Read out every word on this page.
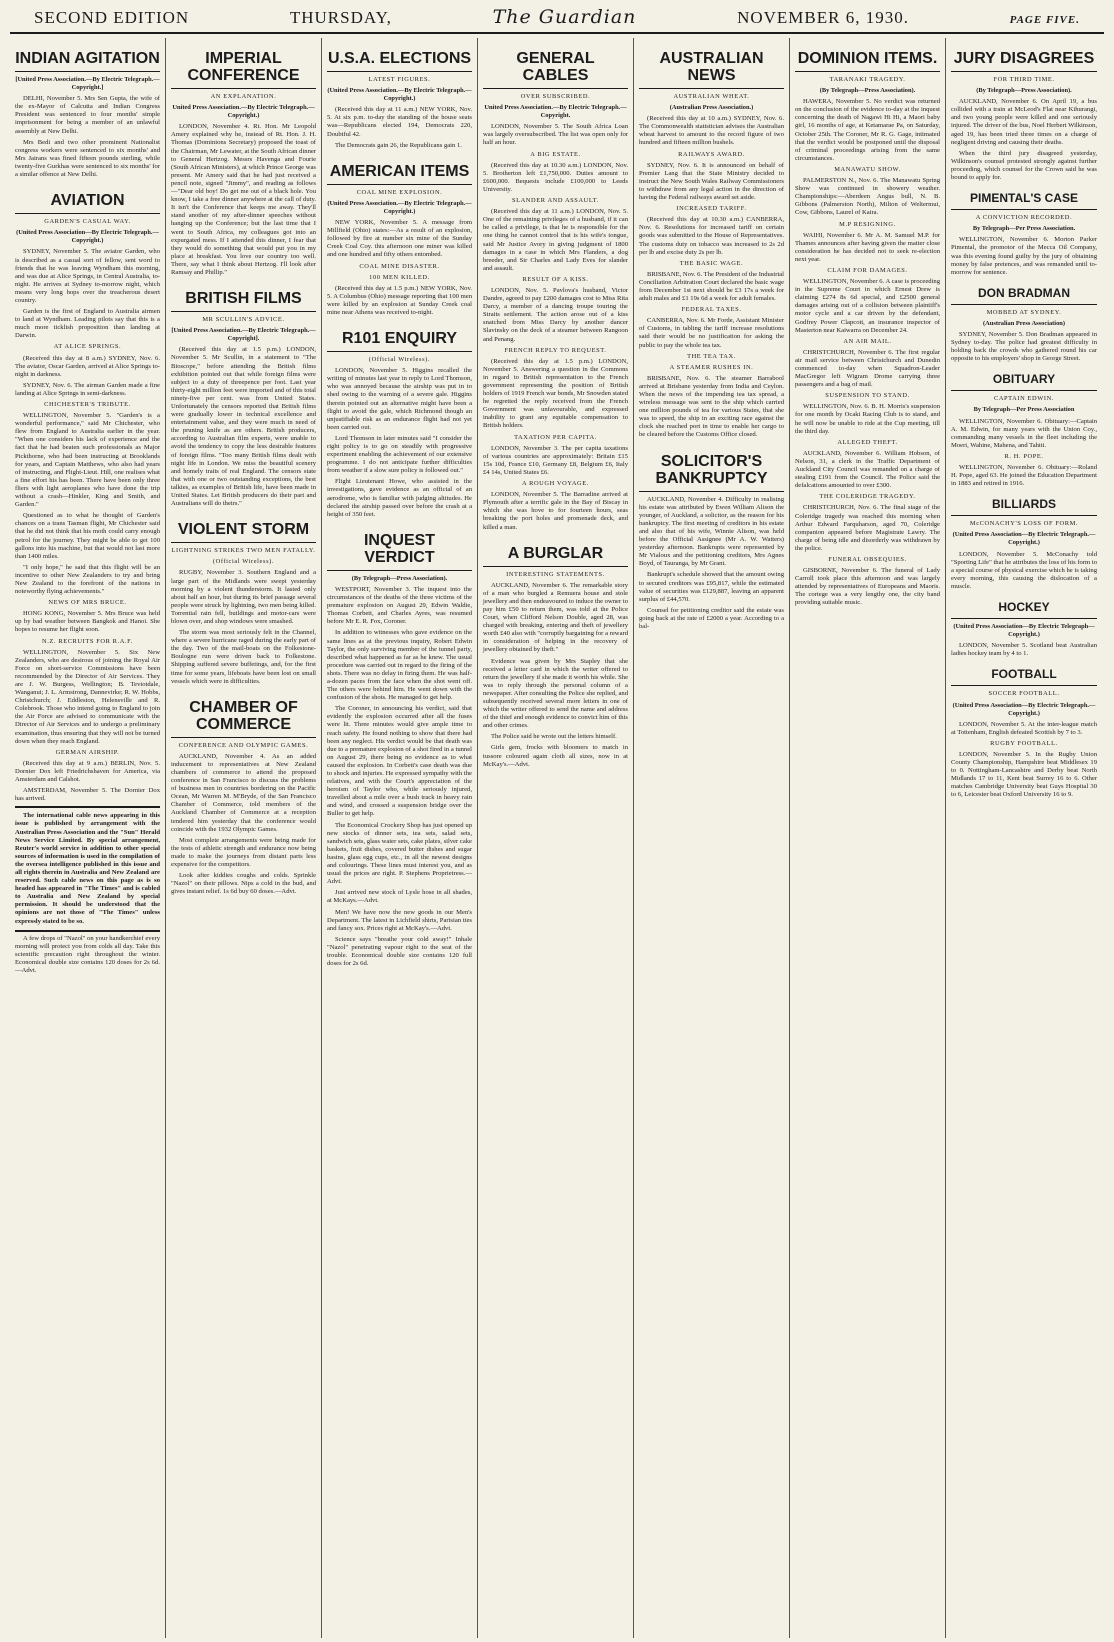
SECOND EDITION	THURSDAY,	The Guardian	NOVEMBER 6, 1930.	PAGE FIVE.
INDIAN AGITATION
[United Press Association.—By Electric Telegraph.—Copyright.]

DELHI, November 5. Mrs Sen Gupta, the wife of the ex-Mayor of Calcutta and Indian Congress President was sentenced to four months' simple imprisonment for being a member of an unlawful assembly at New Delhi.

Mrs Bedi and two other prominent Nationalist congress workers were sentenced to six months' and Mrs Jairans was fined fifteen pounds sterling, while twenty-five Gurkhas were sentenced to six months' for a similar offence at New Delhi.

AVIATION
GARDEN'S CASUAL WAY.
(United Press Association—By Electric Telegraph.—Copyright.)

SYDNEY, November 5. The aviator Garden, who is described as a casual sort of fellow, sent word to friends that he was leaving Wyndham this morning, and was due at Alice Springs, in Central Australia, to-night. He arrives at Sydney to-morrow night, which means very long hops over the treacherous desert country.

Garden is the first of England to Australia airmen to land at Wyndham. Leading pilots say that this is a much more ticklish proposition than landing at Darwin.

AT ALICE SPRINGS.

(Received this day at 8 a.m.) SYDNEY, Nov. 6. The aviator, Oscar Garden, arrived at Alice Springs to-night in darkness.

SYDNEY, Nov. 6. The airman Garden made a fine landing at Alice Springs in semi-darkness.

CHICHESTER'S TRIBUTE.

WELLINGTON, November 5. "Garden's is a wonderful performance," said Mr Chichester, who flew from England to Australia earlier in the year. "When one considers his lack of experience and the fact that he had beaten such professionals as Major Pickthorne, who had been instructing at Brooklands for years, and Captain Matthews, who also had years of instructing, and Flight-Lieut. Hill, one realises what a fine effort his has been. There have been only three fliers with light aeroplanes who have done the trip without a crash—Hinkler, King and Smith, and Garden."

Questioned as to what he thought of Garden's chances on a trans Tasman flight, Mr Chichester said that he did not think that his moth could carry enough petrol for the journey. They might be able to get 100 gallons into his machine, but that would not last more than 1400 miles.

"I only hope," he said that this flight will be an incentive to other New Zealanders to try and bring New Zealand to the forefront of the nations in noteworthy flying achievements."

NEWS OF MRS BRUCE.

HONG KONG, November 5. Mrs Bruce was held up by bad weather between Bangkok and Hanoi. She hopes to resume her flight soon.

N.Z. RECRUITS FOR R.A.F.

WELLINGTON, November 5. Six New Zealanders, who are desirous of joining the Royal Air Force on short-service Commissions have been recommended by the Director of Air Services. They are J. W. Burgess, Wellington; B. Teviotdale, Wanganui; J. L. Armstrong, Dannevirke; R. W. Hobbs, Christchurch; J. Eddleston, Helensville and R. Colebrook. Those who intend going to England to join the Air Force are advised to communicate with the Director of Air Services and to undergo a preliminary examination, thus ensuring that they will not be turned down when they reach England.

GERMAN AIRSHIP.

(Received this day at 9 a.m.) BERLIN, Nov. 5. Dornier Dox left Friedrichshaven for America, via Amsterdam and Calshot.

AMSTERDAM, November 5. The Dornier Dox has arrived.

The international cable news appearing in this issue is published by arrangement with the Australian Press Association and the "Sun" Herald News Service Limited. By special arrangement, Reuter's world service in addition to other special sources of information is used in the compilation of the oversea intelligence published in this issue and all rights therein in Australia and New Zealand are reserved. Such cable news on this page as is so headed has appeared in "The Times" and is cabled to Australia and New Zealand by special permission. It should be understood that the opinions are not those of "The Times" unless expressly stated to be so.

A few drops of "Nazol" on your handkerchief every morning will protect you from colds all day. Take this scientific precaution right throughout the winter. Economical double size contains 120 doses for 2s 6d.—Advt.

IMPERIAL CONFERENCE
AN EXPLANATION.
United Press Association.—By Electric Telegraph.—Copyright.)

LONDON, November 4. Rt. Hon. Mr Leopold Amery explained why he, instead of Rt. Hon. J. H. Thomas (Dominions Secretary) proposed the toast of the Chairman, Mr Lewater, at the South African dinner to General Hertzog. Messrs Havenga and Fourie (South African Ministers), at which Prince George was present. Mr Amery said that he had just received a pencil note, signed "Jimmy", and reading as follows—"Dear old boy! Do get me out of a black hole. You know, I take a free dinner anywhere at the call of duty. It isn't the Conference that keeps me away. They'll stand another of my after-dinner speeches without hanging up the Conference; but the last time that I went to South Africa, my colleagues got into an expurgated mess. If I attended this dinner, I fear that they would do something that would put you in my place at breakfast. You love our country too well. There, say what I think about Hertzog. I'll look after Ramsay and Phillip."

BRITISH FILMS
MR SCULLIN'S ADVICE.
[United Press Association.—By Electric Telegraph.—Copyright].

(Received this day at 1.5 p.m.) LONDON, November 5. Mr Scullin, in a statement to "The Bioscope," before attending the British films exhibition pointed out that while foreign films were subject to a duty of threepence per foot. Last year thirty-eight million feet were imported and of this total ninety-five per cent. was from United States. Unfortunately the censors reported that British films were gradually lower in technical excellence and entertainment value, and they were much in need of the pruning knife as are others. British producers, according to Australian film experts, were unable to avoid the tendency to copy the less desirable features of foreign films. "Too many British films dealt with night life in London. We miss the beautiful scenery and homely traits of real England. The censors state that with one or two outstanding exceptions, the best talkies, as examples of British life, have been made in United States. Let British producers do their part and Australians will do theirs."

VIOLENT STORM
LIGHTNING STRIKES TWO MEN FATALLY.
(Official Wireless).

RUGBY, November 3. Southern England and a large part of the Midlands were swept yesterday morning by a violent thunderstorm. It lasted only about half an hour, but during its brief passage several people were struck by lightning, two men being killed. Torrential rain fell, buildings and motor-cars were blown over, and shop windows were smashed.

The storm was most seriously felt in the Channel, where a severe hurricane raged during the early part of the day. Two of the mail-boats on the Folkestone-Boulogne run were driven back to Folkestone. Shipping suffered severe buffetings, and, for the first time for some years, lifeboats have been lost on small vessels which were in difficulties.

CHAMBER OF COMMERCE
CONFERENCE AND OLYMPIC GAMES.

AUCKLAND, November 4. As an added inducement to representatives at New Zealand chambers of commerce to attend the proposed conference in San Francisco to discuss the problems of business men in countries bordering on the Pacific Ocean, Mr Warren M. M'Bryde, of the San Francisco Chamber of Commerce, told members of the Auckland Chamber of Commerce at a reception tendered him yesterday that the conference would coincide with the 1932 Olympic Games.

Most complete arrangements were being made for the tests of athletic strength and endurance now being made to make the journeys from distant parts less expensive for the competitors.

Look after kiddies coughs and colds. Sprinkle "Nazol" on their pillows. Nips a cold in the bud, and gives instant relief. 1s 6d buy 60 doses.—Advt.

U.S.A. ELECTIONS
LATEST FIGURES.
(United Press Association.—By Electric Telegraph.—Copyright.)

(Received this day at 11 a.m.) NEW YORK, Nov. 5. At six p.m. to-day the standing of the house seats was—Republicans elected 194, Democrats 220, Doubtful 42.

The Democrats gain 26, the Republicans gain 1.

AMERICAN ITEMS
COAL MINE EXPLOSION.
(United Press Association.—By Electric Telegraph.—Copyright.)

NEW YORK, November 5. A message from Millfield (Ohio) states:—As a result of an explosion, followed by fire at number six mine of the Sunday Creek Coal Coy. this afternoon one miner was killed and one hundred and fifty others entombed.

COAL MINE DISASTER.
100 MEN KILLED.

(Received this day at 1.5 p.m.) NEW YORK, Nov. 5. A Columbus (Ohio) message reporting that 100 men were killed by an explosion at Sunday Creek coal mine near Athens was received to-night.

R101 ENQUIRY
(Official Wireless).

LONDON, November 5. Higgins recalled the writing of minutes last year in reply to Lord Thomson, who was annoyed because the airship was put in to shed owing to the warning of a severe gale. Higgins therein pointed out an alternative might have been a flight to avoid the gale, which Richmond though an unjustifiable risk as an endurance flight had not yet been carried out.

Lord Thomson in later minutes said "I consider the right policy is to go on steadily with progressive experiment enabling the achievement of our extensive programme. I do not anticipate further difficulties from weather if a slow sure policy is followed out."

Flight Lieutenant Howe, who assisted in the investigations, gave evidence as an official of an aerodrome, who is familiar with judging altitudes. He declared the airship passed over before the crash at a height of 350 feet.

INQUEST VERDICT
(By Telegraph—Press Association).

WESTPORT, November 3. The inquest into the circumstances of the deaths of the three victims of the premature explosion on August 29, Edwin Waldie, Thomas Corbett, and Charles Ayres, was resumed before Mr E. R. Fox, Coroner.

In addition to witnesses who gave evidence on the same lines as at the previous inquiry, Robert Edwin Taylor, the only surviving member of the tunnel party, described what happened as far as he knew. The usual procedure was carried out in regard to the firing of the shots. There was no delay in firing them. He was half-a-dozen paces from the face when the shot went off. The others were behind him. He went down with the confusion of the shots. He managed to get help.

The Coroner, in announcing his verdict, said that evidently the explosion occurred after all the fuses were lit. Three minutes would give ample time to reach safety. He found nothing to show that there had been any neglect. His verdict would be that death was due to a premature explosion of a shot fired in a tunnel on August 29, there being no evidence as to what caused the explosion. In Corbett's case death was due to shock and injuries. He expressed sympathy with the relatives, and with the Court's appreciation of the heroism of Taylor who, while seriously injured, travelled about a mile over a bush track in heavy rain and wind, and crossed a suspension bridge over the Buller to get help.

The Economical Crockery Shop has just opened up new stocks of dinner sets, tea sets, salad sets, sandwich sets, glass water sets, cake plates, silver cake baskets, fruit dishes, covered butter dishes and sugar basins, glass egg cups, etc., in all the newest designs and colourings. These lines must interest you, and as usual the prices are right. P. Stephens Proprietress.—Advt.

Just arrived new stock of Lysle hose in all shades, at McKays.—Advt.

Men! We have now the new goods in our Men's Department. The latest in Lichfield shirts, Parisian ties and fancy sox. Prices right at McKay's.—Advt.

Science says "breathe your cold away!" Inhale "Nazol" penetrating vapour right to the seat of the trouble. Economical double size contains 120 full doses for 2s 6d.

GENERAL CABLES
OVER SUBSCRIBED.
United Press Association.—By Electric Telegraph.—Copyright.

LONDON, November 5. The South Africa Loan was largely oversubscribed. The list was open only for half an hour.

A BIG ESTATE.

(Received this day at 10.30 a.m.) LONDON, Nov. 5. Brotherton left £1,750,000. Duties amount to £600,000. Bequests include £100,000 to Leeds University.

SLANDER AND ASSAULT.

(Received this day at 11 a.m.) LONDON, Nov. 5. One of the remaining privileges of a husband, if it can be called a privilege, is that he is responsible for the one thing he cannot control that is his wife's tongue, said Mr Justice Avory in giving judgment of 1800 damages in a case in which Mrs Flanders, a dog breeder, and Sir Charles and Lady Eves for slander and assault.

RESULT OF A KISS.

LONDON, Nov. 5. Pavlova's husband, Victor Dandre, agreed to pay £200 damages cost to Miss Rita Darcy, a member of a dancing troupe touring the Straits settlement. The action arose out of a kiss snatched from Miss Darcy by another dancer Slavinsky on the deck of a steamer between Rangoon and Penang.

FRENCH REPLY TO REQUEST.

(Received this day at 1.5 p.m.) LONDON, November 5. Answering a question in the Commons in regard to British representation to the French government representing the position of British holders of 1919 French war bonds, Mr Snowden stated he regretted the reply received from the French Government was unfavourable, and expressed inability to grant any equitable compensation to British holders.

TAXATION PER CAPITA.

LONDON, November 3. The per capita taxations of various countries are approximately: Britain £15 15s 10d, France £10, Germany £8, Belgium £6, Italy £4 14s, United States £6.

A ROUGH VOYAGE.

LONDON, November 5. The Barradine arrived at Plymouth after a terrific gale in the Bay of Biscay in which she was hove to for fourteen hours, seas breaking the port holes and promenade deck, and killed a man.

A BURGLAR
INTERESTING STATEMENTS.

AUCKLAND, November 6. The remarkable story of a man who burgled a Remuera house and stole jewellery and then endeavoured to induce the owner to pay him £50 to return them, was told at the Police Court, when Clifford Nelson Double, aged 28, was charged with breaking, entering and theft of jewellery worth £40 also with "corruptly bargaining for a reward in consideration of helping in the recovery of jewellery obtained by theft."

Evidence was given by Mrs Stapley that she received a letter card in which the writer offered to return the jewellery if she made it worth his while. She was to reply through the personal column of a newspaper. After consulting the Police she replied, and subsequently received several more letters in one of which the writer offered to send the name and address of the thief and enough evidence to convict him of this and other crimes.

The Police said he wrote out the letters himself.

Girls gem, frocks with bloomers to match in tussore coloured again cloth all sizes, now in at McKay's.—Advt.

AUSTRALIAN NEWS
AUSTRALIAN WHEAT.
(Australian Press Association.)

(Received this day at 10 a.m.) SYDNEY, Nov. 6. The Commonwealth statistician advises the Australian wheat harvest to amount to the record figure of two hundred and fifteen million bushels.

RAILWAYS AWARD.

SYDNEY, Nov. 6. It is announced on behalf of Premier Lang that the State Ministry decided to instruct the New South Wales Railway Commissioners to withdraw from any legal action in the direction of having the Federal railways award set aside.

INCREASED TARIFF.

(Received this day at 10.30 a.m.) CANBERRA, Nov. 6. Resolutions for increased tariff on certain goods was submitted to the House of Representatives. The customs duty on tobacco was increased to 2s 2d per lb and excise duty 2s per lb.

THE BASIC WAGE.

BRISBANE, Nov. 6. The President of the Industrial Conciliation Arbitration Court declared the basic wage from December 1st next should be £3 17s a week for adult males and £1 19s 6d a week for adult females.

FEDERAL TAXES.

CANBERRA, Nov. 6. Mr Forde, Assistant Minister of Customs, in tabling the tariff increase resolutions said their would be no justification for asking the public to pay the whole tea tax.

THE TEA TAX.
A STEAMER RUSHES IN.

BRISBANE, Nov. 6. The steamer Barrabool arrived at Brisbane yesterday from India and Ceylon. When the news of the impending tea tax spread, a wireless message was sent to the ship which carried one million pounds of tea for various States, that she was to speed, the ship in an exciting race against the clock she reached port in time to enable her cargo to be cleared before the Customs Office closed.

SOLICITOR'S BANKRUPTCY

AUCKLAND, November 4. Difficulty in realising his estate was attributed by Ewen William Alison the younger, of Auckland, a solicitor, as the reason for his bankruptcy. The first meeting of creditors in his estate and also that of his wife, Winnie Alison, was held before the Official Assignee (Mr A. W. Watters) yesterday afternoon. Bankrupts were represented by Mr Vialoux and the petitioning creditors, Mrs Agnes Boyd, of Tauranga, by Mr Grant.

Bankrupt's schedule showed that the amount owing to secured creditors was £95,817, while the estimated value of securities was £129,887, leaving an apparent surplus of £44,570.

Counsel for petitioning creditor said the estate was going back at the rate of £2000 a year. According to a bal-

DOMINION ITEMS.
TARANAKI TRAGEDY.
(By Telegraph—Press Association).

HAWERA, November 5. No verdict was returned on the conclusion of the evidence to-day at the inquest concerning the death of Nagawi Hi Hi, a Maori baby girl, 16 months of age, at Ketamarae Pa, on Saturday, October 25th. The Coroner, Mr R. G. Gage, intimated that the verdict would be postponed until the disposal of criminal proceedings arising from the same circumstances.

MANAWATU SHOW.

PALMERSTON N., Nov. 6. The Manawatu Spring Show was continued in showery weather. Championships:—Aberdeen Angus bull, N. B. Gibbons (Palmerston North), Milton of Weltermui, Cow, Gibbons, Laurel of Kaira.

M.P RESIGNING.

WAIHI, November 6. Mr A. M. Samuel M.P. for Thames announces after having given the matter close consideration he has decided not to seek re-election next year.

CLAIM FOR DAMAGES.

WELLINGTON, November 6. A case is proceeding in the Supreme Court in which Ernest Drew is claiming £274 8s 6d special, and £2500 general damages arising out of a collision between plaintiff's motor cycle and a car driven by the defendant, Godfrey Power Clapcott, an insurance inspector of Masterton near Kaiwarra on December 24.

AN AIR MAIL.

CHRISTCHURCH, November 6. The first regular air mail service between Christchurch and Dunedin commenced to-day when Squadron-Leader MacGregor left Wigram Drome carrying three passengers and a bag of mail.

SUSPENSION TO STAND.

WELLINGTON, Nov. 6. B. H. Morris's suspension for one month by Ocaki Racing Club is to stand, and he will now be unable to ride at the Cup meeting, till the third day.

ALLEGED THEFT.

AUCKLAND, November 6. William Hobson, of Nelson, 31, a clerk in the Traffic Department of Auckland City Council was remanded on a charge of stealing £191 from the Council. The Police said the defalcations amounted to over £300.

THE COLERIDGE TRAGEDY.

CHRISTCHURCH, Nov. 6. The final stage of the Coleridge tragedy was reached this morning when Arthur Edward Farquharson, aged 70, Coleridge companion appeared before Magistrate Lawry. The charge of being idle and disorderly was withdrawn by the police.

FUNERAL OBSEQUIES.

GISBORNE, November 6. The funeral of Lady Carroll took place this afternoon and was largely attended by representatives of Europeans and Maoris. The cortege was a very lengthy one, the city band providing suitable music.

JURY DISAGREES
FOR THIRD TIME.
(By Telegraph—Press Association).

AUCKLAND, November 6. On April 19, a bus collided with a train at McLeod's Flat near Kihurangi, and two young people were killed and one seriously injured. The driver of the bus, Noel Herbert Wilkinson, aged 19, has been tried three times on a charge of negligent driving and causing their deaths.

When the third jury disagreed yesterday, Wilkinson's counsel protested strongly against further proceeding, which counsel for the Crown said he was bound to apply for.

PIMENTAL'S CASE
A CONVICTION RECORDED.
By Telegraph—Per Press Association.

WELLINGTON, November 6. Morton Parker Pimental, the promotor of the Mecca Oil Company, was this evening found guilty by the jury of obtaining money by false pretences, and was remanded until to-morrow for sentence.

DON BRADMAN
MOBBED AT SYDNEY.
(Australian Press Association)

SYDNEY, November 5. Don Bradman appeared in Sydney to-day. The police had greatest difficulty in holding back the crowds who gathered round his car opposite to his employers' shop in George Street.

OBITUARY
CAPTAIN EDWIN.
By Telegraph—Per Press Association

WELLINGTON, November 6. Obituary:—Captain A. M. Edwin, for many years with the Union Coy., commanding many vessels in the fleet including the Moeri, Wahine, Mahena, and Tahiti.

R. H. POPE.

WELLINGTON, November 6. Obituary:—Roland H. Pope, aged 63. He joined the Education Department in 1883 and retired in 1916.

BILLIARDS
McCONACHY'S LOSS OF FORM.
(United Press Association—By Electric Telegraph.—Copyright.)

LONDON, November 5. McConachy told "Sporting Life" that he attributes the loss of his form to a special course of physical exercise which he is taking every morning, this causing the dislocation of a muscle.

HOCKEY
(United Press Association—By Electric Telegraph—Copyright.)

LONDON, November 5. Scotland beat Australian ladies hockey team by 4 to 1.

FOOTBALL
SOCCER FOOTBALL.
(United Press Association—By Electric Telegraph.—Copyright.)

LONDON, November 5. At the inter-league match at Tottenham, English defeated Scottish by 7 to 3.

RUGBY FOOTBALL.

LONDON, November 5. In the Rugby Union County Championship, Hampshire beat Middlesex 19 to 0. Nottingham-Lancashire and Derby beat North Midlands 17 to 11, Kent beat Surrey 16 to 6. Other matches Cambridge University beat Guys Hospital 30 to 6, Leicester beat Oxford University 16 to 9.
